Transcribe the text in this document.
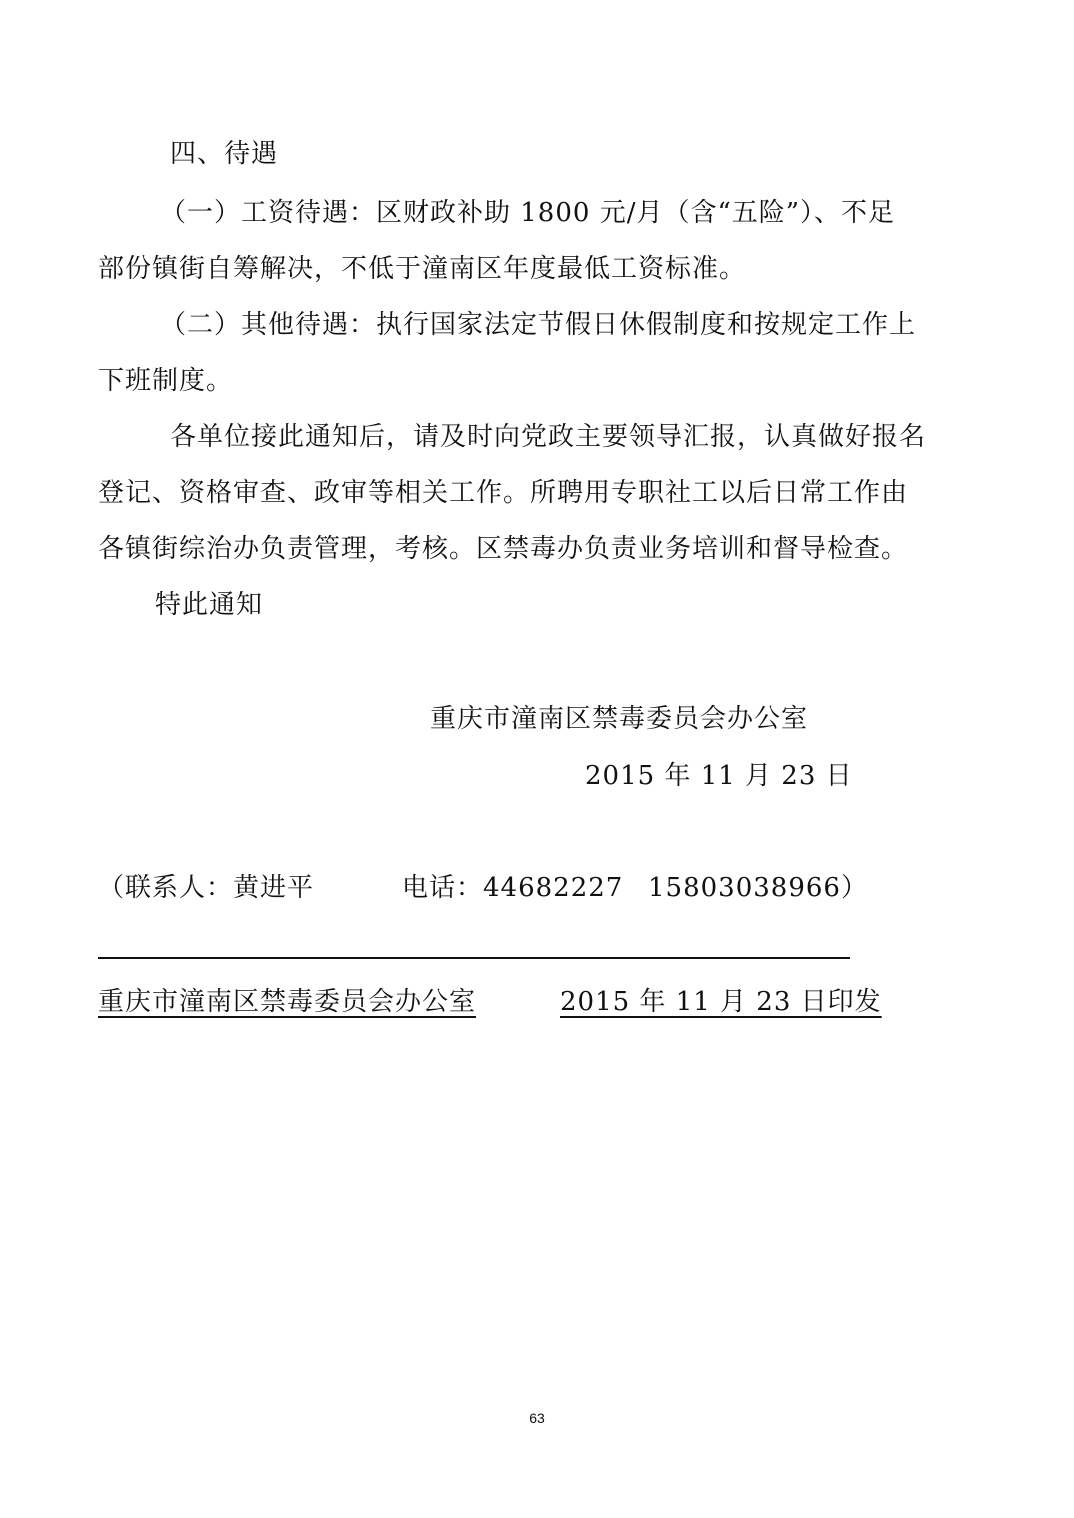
四、待遇
（一）工资待遇：区财政补助 1800 元/月（含“五险”）、不足
部份镇街自筹解决，不低于潼南区年度最低工资标准。
（二）其他待遇：执行国家法定节假日休假制度和按规定工作上
下班制度。
各单位接此通知后，请及时向党政主要领导汇报，认真做好报名
登记、资格审查、政审等相关工作。所聘用专职社工以后日常工作由
各镇街综治办负责管理，考核。区禁毒办负责业务培训和督导检查。
特此通知
重庆市潼南区禁毒委员会办公室
2015 年 11 月 23 日
（联系人：黄进平	电话：44682227 15803038966）
重庆市潼南区禁毒委员会办公室	2015 年 11 月 23 日印发
63
